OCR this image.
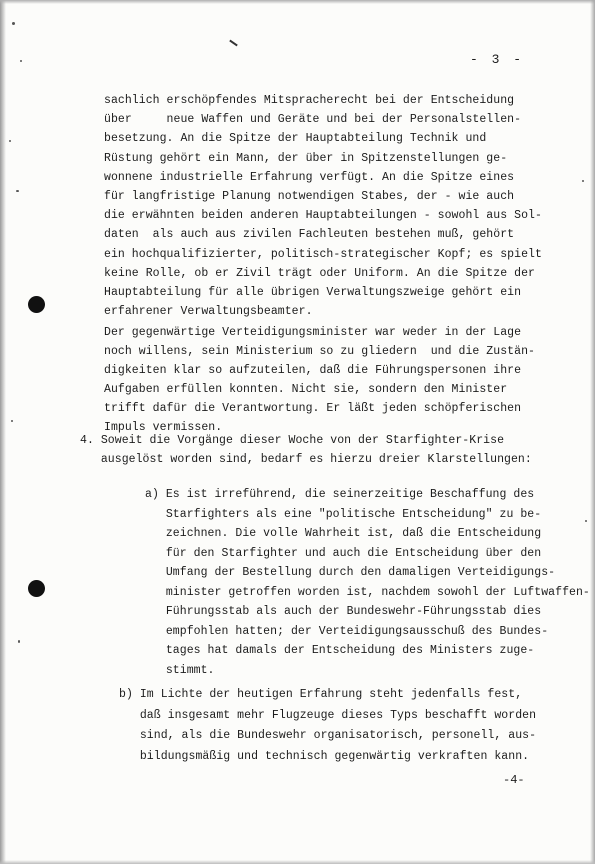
- 3 -

sachlich erschöpfendes Mitspracherecht bei der Entscheidung

über     neue Waffen und Geräte und bei der Personalstellen-

besetzung. An die Spitze der Hauptabteilung Technik und

Rüstung gehört ein Mann, der über in Spitzenstellungen ge-

wonnene industrielle Erfahrung verfügt. An die Spitze eines

für langfristige Planung notwendigen Stabes, der - wie auch

die erwähnten beiden anderen Hauptabteilungen - sowohl aus Sol-

daten  als auch aus zivilen Fachleuten bestehen muß, gehört

ein hochqualifizierter, politisch-strategischer Kopf; es spielt

keine Rolle, ob er Zivil trägt oder Uniform. An die Spitze der

Hauptabteilung für alle übrigen Verwaltungszweige gehört ein

erfahrener Verwaltungsbeamter.

Der gegenwärtige Verteidigungsminister war weder in der Lage

noch willens, sein Ministerium so zu gliedern  und die Zustän-

digkeiten klar so aufzuteilen, daß die Führungspersonen ihre

Aufgaben erfüllen konnten. Nicht sie, sondern den Minister

trifft dafür die Verantwortung. Er läßt jeden schöpferischen

Impuls vermissen.

4. Soweit die Vorgänge dieser Woche von der Starfighter-Krise

ausgelöst worden sind, bedarf es hierzu dreier Klarstellungen:

a) Es ist irreführend, die seinerzeitige Beschaffung des

Starfighters als eine "politische Entscheidung" zu be-

zeichnen. Die volle Wahrheit ist, daß die Entscheidung

für den Starfighter und auch die Entscheidung über den

Umfang der Bestellung durch den damaligen Verteidigungs-

minister getroffen worden ist, nachdem sowohl der Luftwaffen-

Führungsstab als auch der Bundeswehr-Führungsstab dies

empfohlen hatten; der Verteidigungsausschuß des Bundes-

tages hat damals der Entscheidung des Ministers zuge-

stimmt.

b) Im Lichte der heutigen Erfahrung steht jedenfalls fest,

daß insgesamt mehr Flugzeuge dieses Typs beschafft worden

sind, als die Bundeswehr organisatorisch, personell, aus-

bildungsmäßig und technisch gegenwärtig verkraften kann.

-4-
